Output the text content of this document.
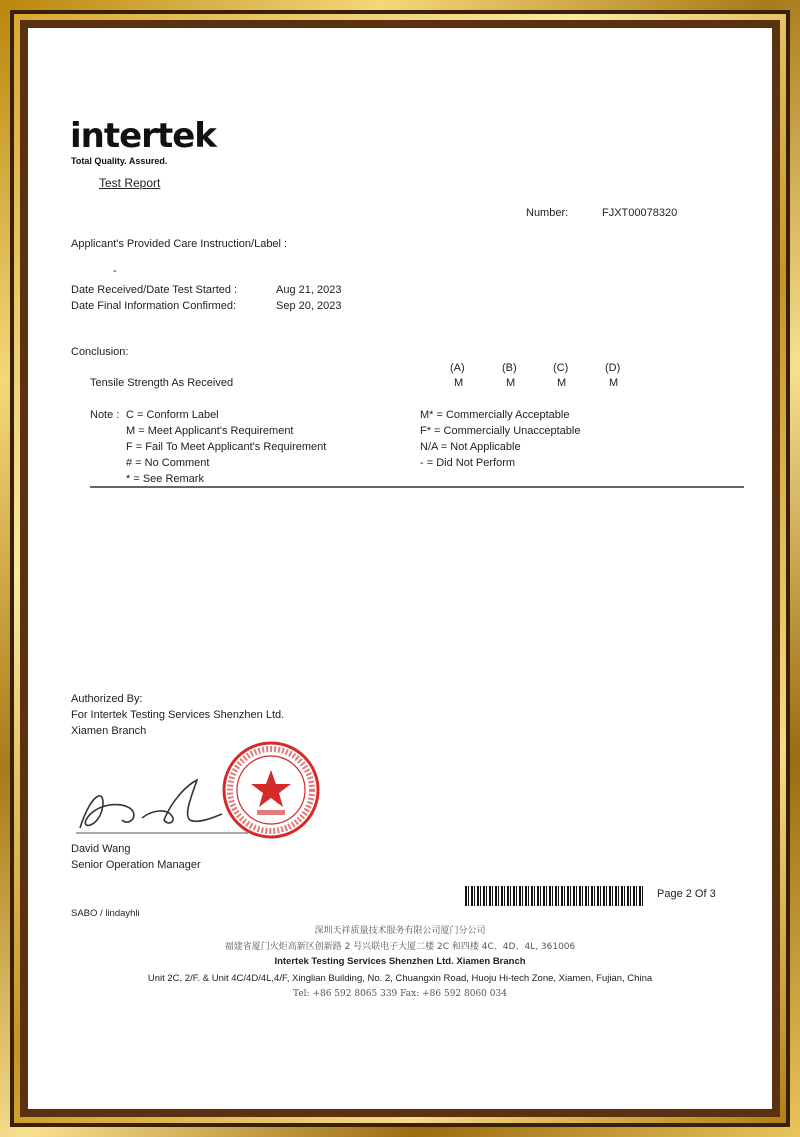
intertek
Total Quality. Assured.
Test Report
Number:	FJXT00078320
Applicant's Provided Care Instruction/Label :
-
Date Received/Date Test Started :	Aug 21, 2023
Date Final Information Confirmed:	Sep 20, 2023
Conclusion:
(A)	(B)	(C)	(D)
Tensile Strength As Received	M	M	M	M
Note : C = Conform Label
M = Meet Applicant's Requirement
F = Fail To Meet Applicant's Requirement
# = No Comment
* = See Remark
M* = Commercially Acceptable
F* = Commercially Unacceptable
N/A = Not Applicable
- = Did Not Perform
Authorized By:
For Intertek Testing Services Shenzhen Ltd.
Xiamen Branch
David Wang
Senior Operation Manager
Page 2 Of 3
SABO / lindayhli
深圳天祥质量技术服务有限公司厦门分公司
福建省厦门火炬高新区创新路 2 号兴联电子大厦二楼 2C 和四楼 4C、4D、4L, 361006
Intertek Testing Services Shenzhen Ltd. Xiamen Branch
Unit 2C, 2/F. & Unit 4C/4D/4L,4/F, Xinglian Building, No. 2, Chuangxin Road, Huoju Hi-tech Zone, Xiamen, Fujian, China
Tel: +86 592 8065 339 Fax: +86 592 8060 034
